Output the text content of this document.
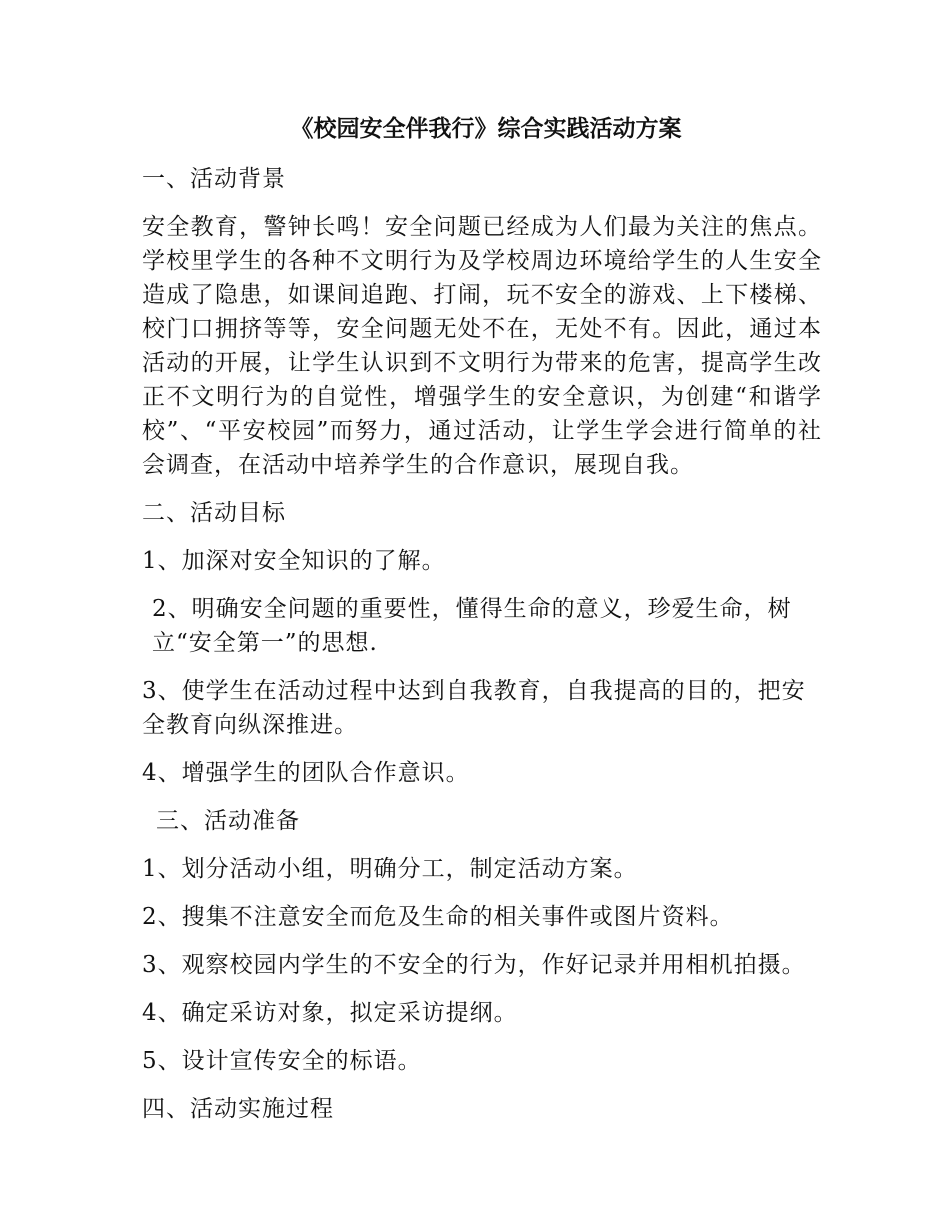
《校园安全伴我行》综合实践活动方案

一、活动背景

安全教育，警钟长鸣！安全问题已经成为人们最为关注的焦点。学校里学生的各种不文明行为及学校周边环境给学生的人生安全造成了隐患，如课间追跑、打闹，玩不安全的游戏、上下楼梯、校门口拥挤等等，安全问题无处不在，无处不有。因此，通过本活动的开展，让学生认识到不文明行为带来的危害，提高学生改正不文明行为的自觉性，增强学生的安全意识，为创建“和谐学校”、“平安校园”而努力，通过活动，让学生学会进行简单的社会调查，在活动中培养学生的合作意识，展现自我。

二、活动目标

1、加深对安全知识的了解。

2、明确安全问题的重要性，懂得生命的意义，珍爱生命，树立“安全第一”的思想.

3、使学生在活动过程中达到自我教育，自我提高的目的，把安全教育向纵深推进。

4、增强学生的团队合作意识。

三、活动准备

1、划分活动小组，明确分工，制定活动方案。

2、搜集不注意安全而危及生命的相关事件或图片资料。

3、观察校园内学生的不安全的行为，作好记录并用相机拍摄。

4、确定采访对象，拟定采访提纲。

5、设计宣传安全的标语。

四、活动实施过程
